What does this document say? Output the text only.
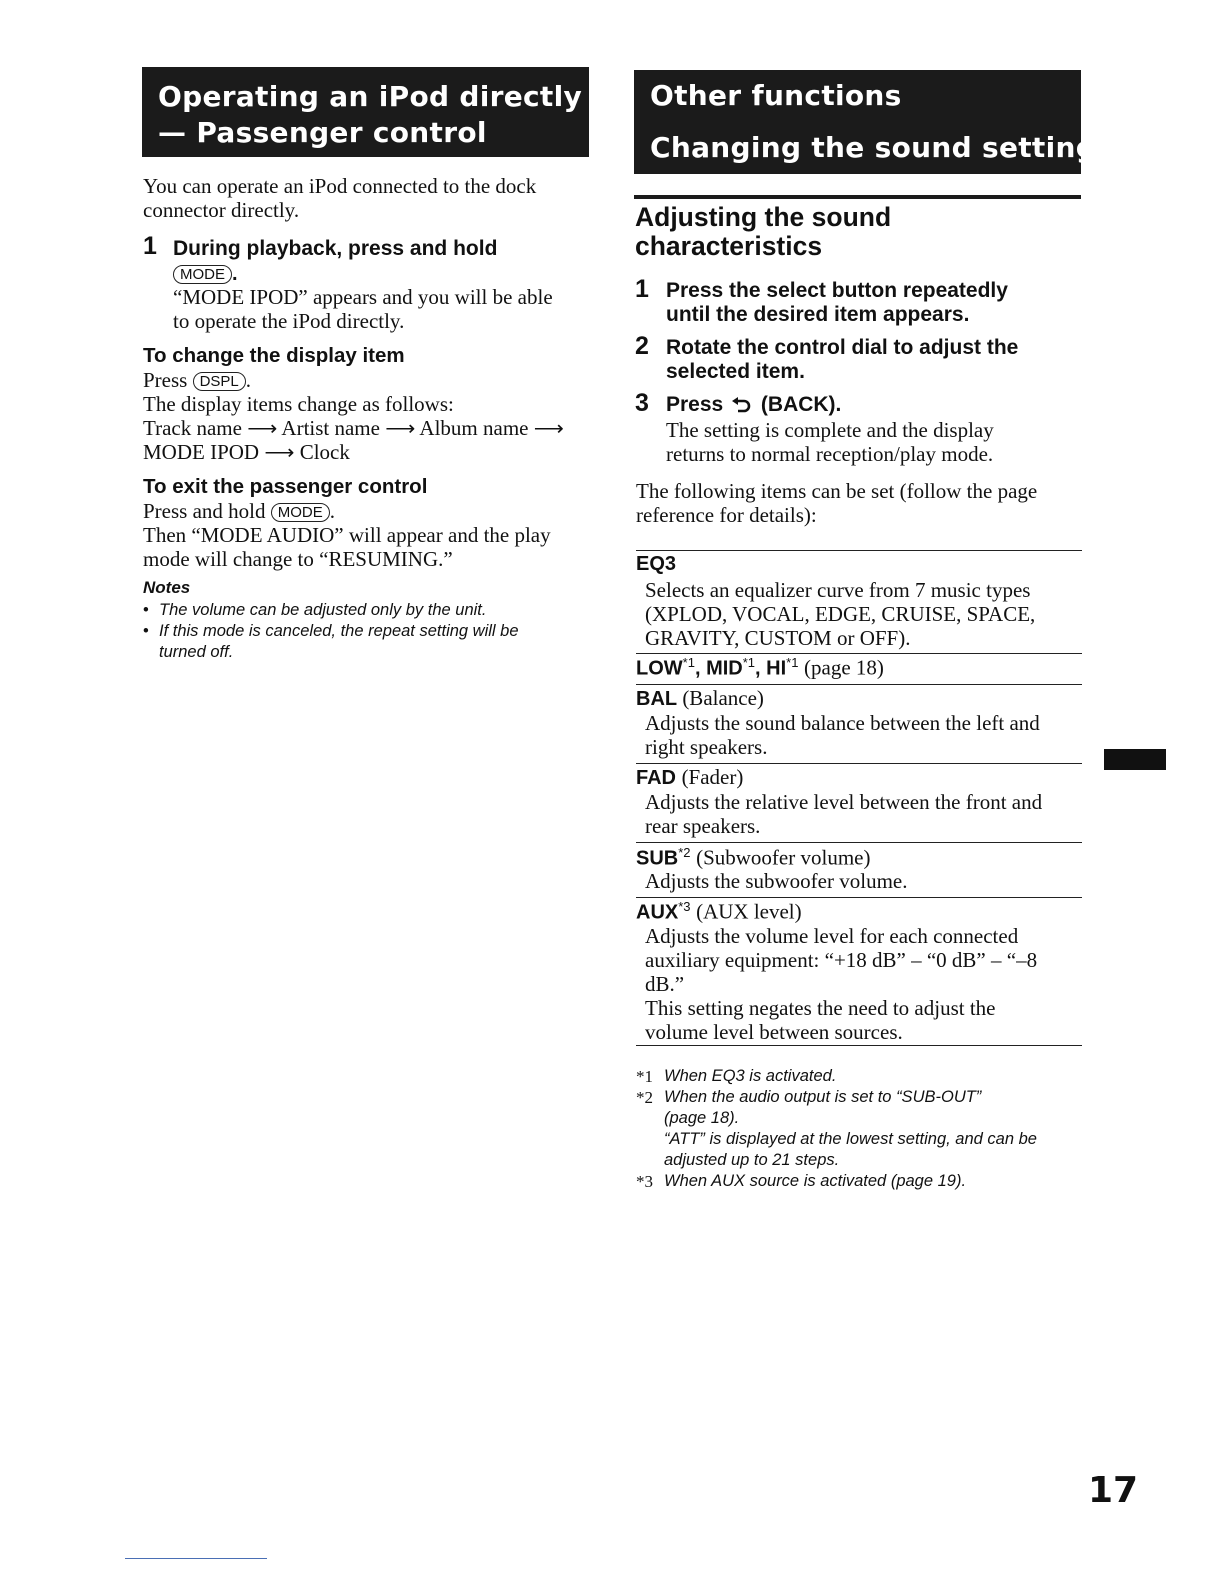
Operating an iPod directly
— Passenger control
You can operate an iPod connected to the dock
connector directly.
1 During playback, press and hold
MODE .
“MODE IPOD” appears and you will be able
to operate the iPod directly.
To change the display item
Press DSPL .
The display items change as follows:
Track name ⟶ Artist name ⟶ Album name ⟶
MODE IPOD ⟶ Clock
To exit the passenger control
Press and hold MODE .
Then “MODE AUDIO” will appear and the play
mode will change to “RESUMING.”
Notes
• The volume can be adjusted only by the unit.
• If this mode is canceled, the repeat setting will be
turned off.
Other functions
Changing the sound settings
Adjusting the sound
characteristics
1 Press the select button repeatedly
until the desired item appears.
2 Rotate the control dial to adjust the
selected item.
3 Press (BACK).
The setting is complete and the display
returns to normal reception/play mode.
The following items can be set (follow the page
reference for details):
EQ3
Selects an equalizer curve from 7 music types
(XPLOD, VOCAL, EDGE, CRUISE, SPACE,
GRAVITY, CUSTOM or OFF).
LOW$^{*1}$, MID$^{*1}$, HI$^{*1}$ (page 18)
BAL (Balance)
Adjusts the sound balance between the left and
right speakers.
FAD (Fader)
Adjusts the relative level between the front and
rear speakers.
SUB$^{*2}$ (Subwoofer volume)
Adjusts the subwoofer volume.
AUX$^{*3}$ (AUX level)
Adjusts the volume level for each connected
auxiliary equipment: “+18 dB” – “0 dB” – “–8
dB.”
This setting negates the need to adjust the
volume level between sources.
*1 When EQ3 is activated.
*2 When the audio output is set to “SUB-OUT”
(page 18).
“ATT” is displayed at the lowest setting, and can be
adjusted up to 21 steps.
*3 When AUX source is activated (page 19).
17
